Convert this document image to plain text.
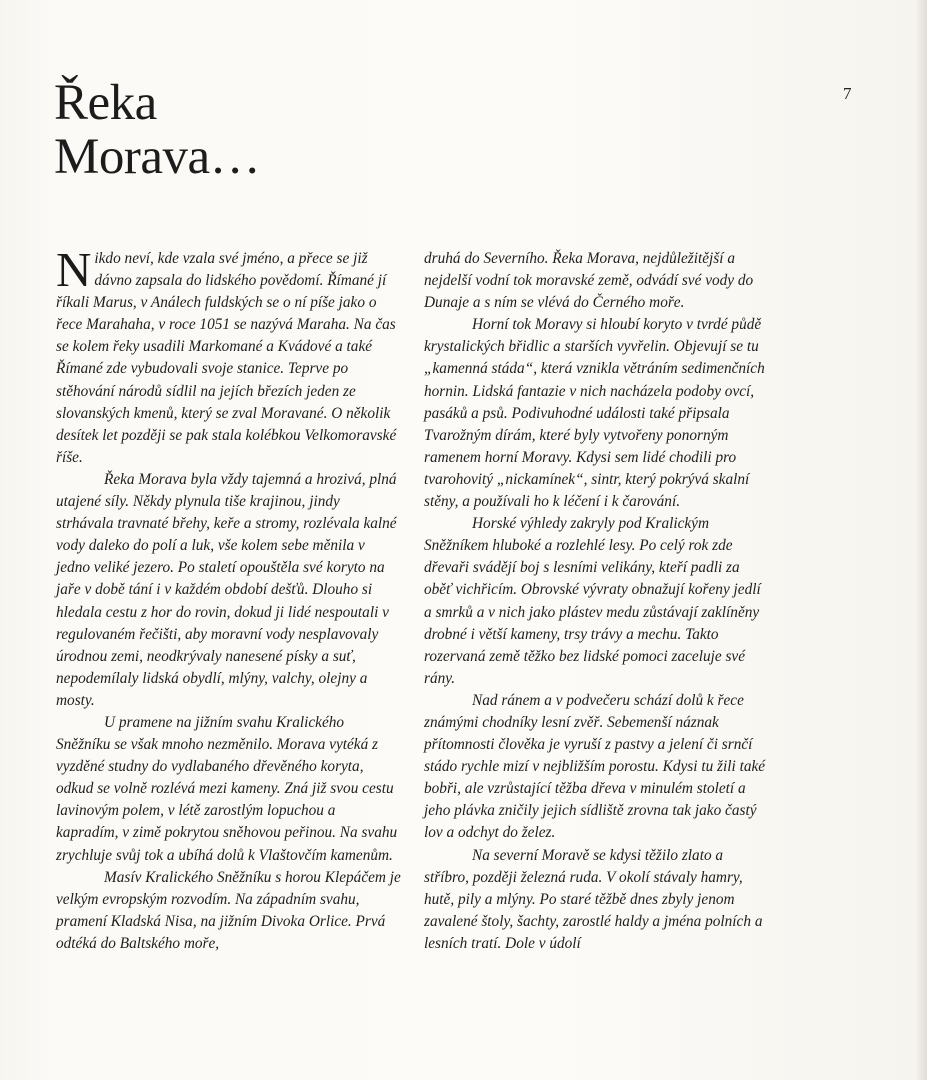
7
Řeka
Morava…

Nikdo neví, kde vzala své jméno, a přece se již dávno zapsala do lidského povědomí. Římané jí říkali Marus, v Análech fuldských se o ní píše jako o řece Marahaha, v roce 1051 se nazývá Maraha. Na čas se kolem řeky usadili Markomané a Kvádové a také Římané zde vybudovali svoje stanice. Teprve po stěhování národů sídlil na jejích březích jeden ze slovanských kmenů, který se zval Moravané. O několik desítek let později se pak stala kolébkou Velkomoravské říše.

Řeka Morava byla vždy tajemná a hrozivá, plná utajené síly. Někdy plynula tiše krajinou, jindy strhávala travnaté břehy, keře a stromy, rozlévala kalné vody daleko do polí a luk, vše kolem sebe měnila v jedno veliké jezero. Po staletí opouštěla své koryto na jaře v době tání i v každém období dešťů. Dlouho si hledala cestu z hor do rovin, dokud ji lidé nespoutali v regulovaném řečišti, aby moravní vody nesplavovaly úrodnou zemi, neodkrývaly nanesené písky a suť, nepodemílaly lidská obydlí, mlýny, valchy, olejny a mosty.

U pramene na jižním svahu Kralického Sněžníku se však mnoho nezměnilo. Morava vytéká z vyzděné studny do vydlabaného dřevěného koryta, odkud se volně rozlévá mezi kameny. Zná již svou cestu lavinovým polem, v létě zarostlým lopuchou a kapradím, v zimě pokrytou sněhovou peřinou. Na svahu zrychluje svůj tok a ubíhá dolů k Vlaštovčím kamenům.

Masív Kralického Sněžníku s horou Klepáčem je velkým evropským rozvodím. Na západním svahu, pramení Kladská Nisa, na jižním Divoka Orlice. Prvá odtéká do Baltského moře,

druhá do Severního. Řeka Morava, nejdůležitější a nejdelší vodní tok moravské země, odvádí své vody do Dunaje a s ním se vlévá do Černého moře.

Horní tok Moravy si hloubí koryto v tvrdé půdě krystalických břidlic a starších vyvřelin. Objevují se tu „kamenná stáda“, která vznikla větráním sedimenčních hornin. Lidská fantazie v nich nacházela podoby ovcí, pasáků a psů. Podivuhodné události také připsala Tvarožným dírám, které byly vytvořeny ponorným ramenem horní Moravy. Kdysi sem lidé chodili pro tvarohovitý „nickamínek“, sintr, který pokrývá skalní stěny, a používali ho k léčení i k čarování.

Horské výhledy zakryly pod Kralickým Sněžníkem hluboké a rozlehlé lesy. Po celý rok zde dřevaři svádějí boj s lesními velikány, kteří padli za oběť vichřicím. Obrovské vývraty obnažují kořeny jedlí a smrků a v nich jako plástev medu zůstávají zaklíněny drobné i větší kameny, trsy trávy a mechu. Takto rozervaná země těžko bez lidské pomoci zaceluje své rány.

Nad ránem a v podvečeru schází dolů k řece známými chodníky lesní zvěř. Sebemenší náznak přítomnosti člověka je vyruší z pastvy a jelení či srnčí stádo rychle mizí v nejbližším porostu. Kdysi tu žili také bobři, ale vzrůstající těžba dřeva v minulém století a jeho plávka zničily jejich sídliště zrovna tak jako častý lov a odchyt do želez.

Na severní Moravě se kdysi těžilo zlato a stříbro, později železná ruda. V okolí stávaly hamry, hutě, pily a mlýny. Po staré těžbě dnes zbyly jenom zavalené štoly, šachty, zarostlé haldy a jména polních a lesních tratí. Dole v údolí
